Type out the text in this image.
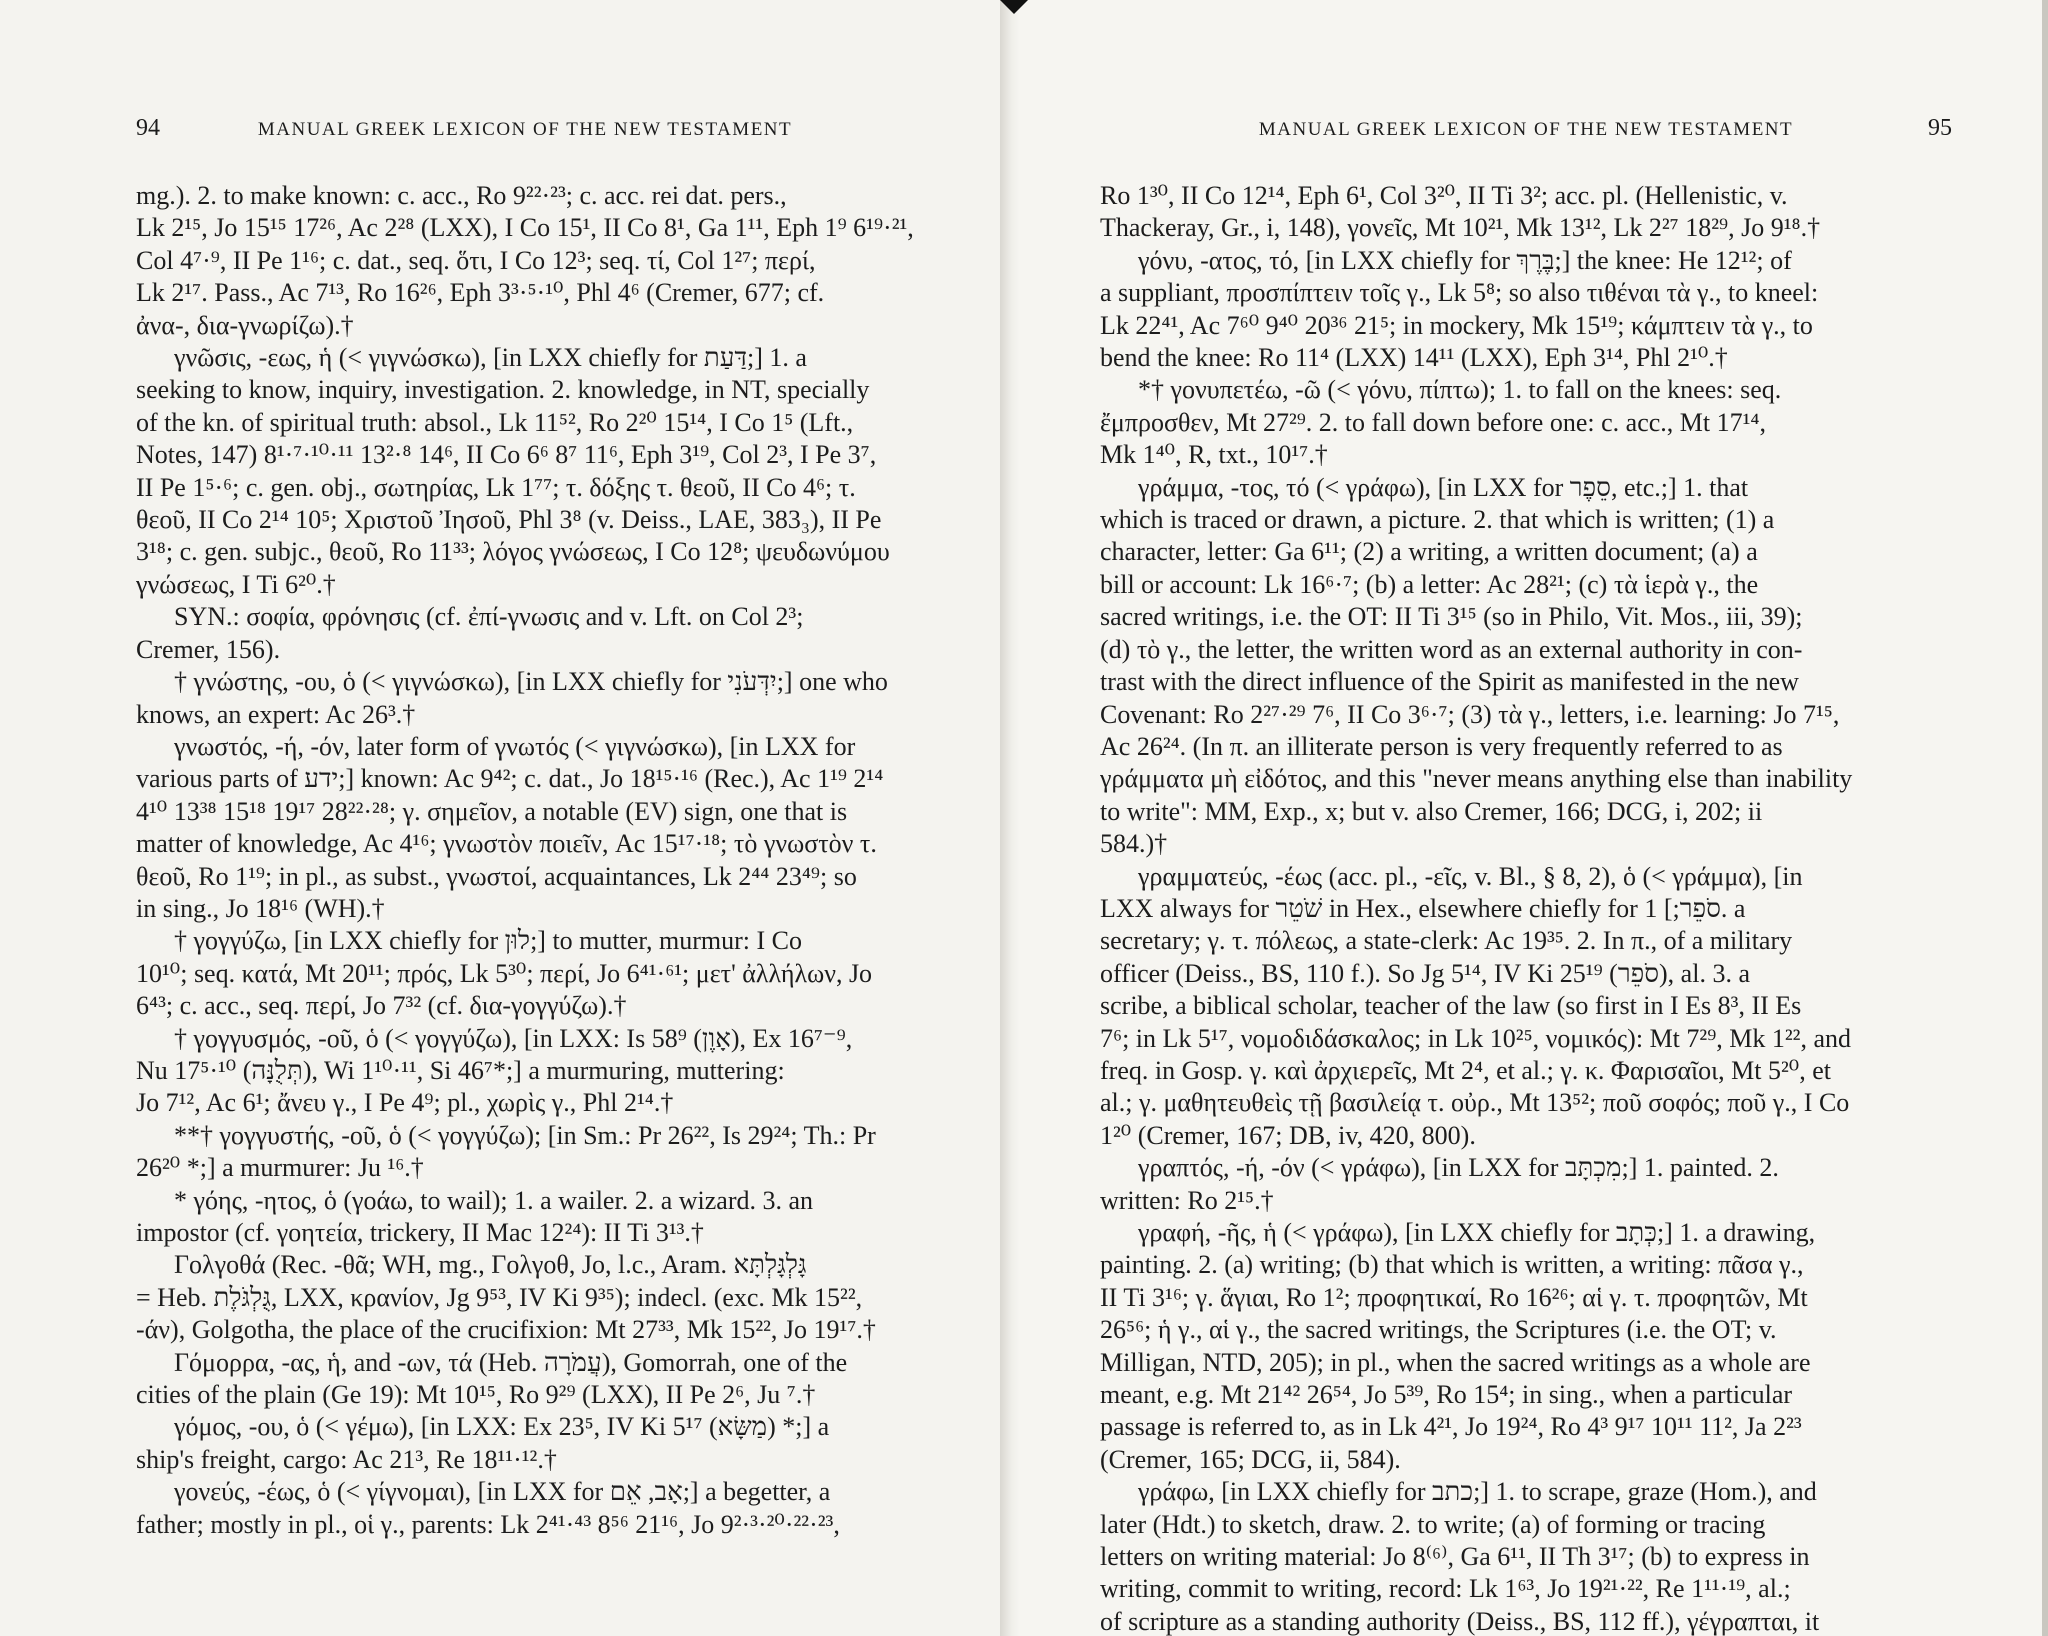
94	MANUAL GREEK LEXICON OF THE NEW TESTAMENT
mg.). 2. to make known: c. acc., Ro 9²²·²³; c. acc. rei dat. pers.,
Lk 2¹⁵, Jo 15¹⁵ 17²⁶, Ac 2²⁸ (LXX), I Co 15¹, II Co 8¹, Ga 1¹¹, Eph 1⁹ 6¹⁹·²¹,
Col 4⁷·⁹, II Pe 1¹⁶; c. dat., seq. ὅτι, I Co 12³; seq. τί, Col 1²⁷; περί,
Lk 2¹⁷. Pass., Ac 7¹³, Ro 16²⁶, Eph 3³·⁵·¹⁰, Phl 4⁶ (Cremer, 677; cf.
ἀνα-, δια-γνωρίζω).†
γνῶσις, -εως, ἡ (< γιγνώσκω), [in LXX chiefly for דַּעַת;] 1. a
seeking to know, inquiry, investigation. 2. knowledge, in NT, specially
of the kn. of spiritual truth: absol., Lk 11⁵², Ro 2²⁰ 15¹⁴, I Co 1⁵ (Lft.,
Notes, 147) 8¹·⁷·¹⁰·¹¹ 13²·⁸ 14⁶, II Co 6⁶ 8⁷ 11⁶, Eph 3¹⁹, Col 2³, I Pe 3⁷,
II Pe 1⁵·⁶; c. gen. obj., σωτηρίας, Lk 1⁷⁷; τ. δόξης τ. θεοῦ, II Co 4⁶; τ.
θεοῦ, II Co 2¹⁴ 10⁵; Χριστοῦ Ἰησοῦ, Phl 3⁸ (v. Deiss., LAE, 383₃), II Pe
3¹⁸; c. gen. subjc., θεοῦ, Ro 11³³; λόγος γνώσεως, I Co 12⁸; ψευδωνύμου
γνώσεως, I Ti 6²⁰.†
SYN.: σοφία, φρόνησις (cf. ἐπί-γνωσις and v. Lft. on Col 2³;
Cremer, 156).
† γνώστης, -ου, ὁ (< γιγνώσκω), [in LXX chiefly for יִדְּעֹנִי;] one who
knows, an expert: Ac 26³.†
γνωστός, -ή, -όν, later form of γνωτός (< γιγνώσκω), [in LXX for
various parts of ידע;] known: Ac 9⁴²; c. dat., Jo 18¹⁵·¹⁶ (Rec.), Ac 1¹⁹ 2¹⁴
4¹⁰ 13³⁸ 15¹⁸ 19¹⁷ 28²²·²⁸; γ. σημεῖον, a notable (EV) sign, one that is
matter of knowledge, Ac 4¹⁶; γνωστὸν ποιεῖν, Ac 15¹⁷·¹⁸; τὸ γνωστὸν τ.
θεοῦ, Ro 1¹⁹; in pl., as subst., γνωστοί, acquaintances, Lk 2⁴⁴ 23⁴⁹; so
in sing., Jo 18¹⁶ (WH).†
† γογγύζω, [in LXX chiefly for לוּן;] to mutter, murmur: I Co
10¹⁰; seq. κατά, Mt 20¹¹; πρός, Lk 5³⁰; περί, Jo 6⁴¹·⁶¹; μετ' ἀλλήλων, Jo
6⁴³; c. acc., seq. περί, Jo 7³² (cf. δια-γογγύζω).†
† γογγυσμός, -οῦ, ὁ (< γογγύζω), [in LXX: Is 58⁹ (אָוֶן), Ex 16⁷⁻⁹,
Nu 17⁵·¹⁰ (תְּלֻנָּה), Wi 1¹⁰·¹¹, Si 46⁷*;] a murmuring, muttering:
Jo 7¹², Ac 6¹; ἄνευ γ., I Pe 4⁹; pl., χωρὶς γ., Phl 2¹⁴.†
**† γογγυστής, -οῦ, ὁ (< γογγύζω); [in Sm.: Pr 26²², Is 29²⁴; Th.: Pr
26²⁰ *;] a murmurer: Ju ¹⁶.†
* γόης, -ητος, ὁ (γοάω, to wail); 1. a wailer. 2. a wizard. 3. an
impostor (cf. γοητεία, trickery, II Mac 12²⁴): II Ti 3¹³.†
Γολγοθά (Rec. -θᾶ; WH, mg., Γολγοθ, Jo, l.c., Aram. גָּלְגָּלְתָּא
= Heb. גֻּלְגֹּלֶת, LXX, κρανίον, Jg 9⁵³, IV Ki 9³⁵); indecl. (exc. Mk 15²²,
-άν), Golgotha, the place of the crucifixion: Mt 27³³, Mk 15²², Jo 19¹⁷.†
Γόμορρα, -ας, ἡ, and -ων, τά (Heb. עֲמֹרָה), Gomorrah, one of the
cities of the plain (Ge 19): Mt 10¹⁵, Ro 9²⁹ (LXX), II Pe 2⁶, Ju ⁷.†
γόμος, -ου, ὁ (< γέμω), [in LXX: Ex 23⁵, IV Ki 5¹⁷ (מַשָּׂא) *;] a
ship's freight, cargo: Ac 21³, Re 18¹¹·¹².†
γονεύς, -έως, ὁ (< γίγνομαι), [in LXX for אָב, אֵם;] a begetter, a
father; mostly in pl., οἱ γ., parents: Lk 2⁴¹·⁴³ 8⁵⁶ 21¹⁶, Jo 9²·³·²⁰·²²·²³,
MANUAL GREEK LEXICON OF THE NEW TESTAMENT	95
Ro 1³⁰, II Co 12¹⁴, Eph 6¹, Col 3²⁰, II Ti 3²; acc. pl. (Hellenistic, v.
Thackeray, Gr., i, 148), γονεῖς, Mt 10²¹, Mk 13¹², Lk 2²⁷ 18²⁹, Jo 9¹⁸.†
γόνυ, -ατος, τό, [in LXX chiefly for בֶּרֶךְ;] the knee: He 12¹²; of
a suppliant, προσπίπτειν τοῖς γ., Lk 5⁸; so also τιθέναι τὰ γ., to kneel:
Lk 22⁴¹, Ac 7⁶⁰ 9⁴⁰ 20³⁶ 21⁵; in mockery, Mk 15¹⁹; κάμπτειν τὰ γ., to
bend the knee: Ro 11⁴ (LXX) 14¹¹ (LXX), Eph 3¹⁴, Phl 2¹⁰.†
*† γονυπετέω, -ῶ (< γόνυ, πίπτω); 1. to fall on the knees: seq.
ἔμπροσθεν, Mt 27²⁹. 2. to fall down before one: c. acc., Mt 17¹⁴,
Mk 1⁴⁰, R, txt., 10¹⁷.†
γράμμα, -τος, τό (< γράφω), [in LXX for סֵפֶר, etc.;] 1. that
which is traced or drawn, a picture. 2. that which is written; (1) a
character, letter: Ga 6¹¹; (2) a writing, a written document; (a) a
bill or account: Lk 16⁶·⁷; (b) a letter: Ac 28²¹; (c) τὰ ἱερὰ γ., the
sacred writings, i.e. the OT: II Ti 3¹⁵ (so in Philo, Vit. Mos., iii, 39);
(d) τὸ γ., the letter, the written word as an external authority in con-
trast with the direct influence of the Spirit as manifested in the new
Covenant: Ro 2²⁷·²⁹ 7⁶, II Co 3⁶·⁷; (3) τὰ γ., letters, i.e. learning: Jo 7¹⁵,
Ac 26²⁴. (In π. an illiterate person is very frequently referred to as
γράμματα μὴ εἰδότος, and this "never means anything else than inability
to write": MM, Exp., x; but v. also Cremer, 166; DCG, i, 202; ii
584.)†
γραμματεύς, -έως (acc. pl., -εῖς, v. Bl., § 8, 2), ὁ (< γράμμα), [in
LXX always for שֹׁטֵר in Hex., elsewhere chiefly for סֹפֵר;] 1. a
secretary; γ. τ. πόλεως, a state-clerk: Ac 19³⁵. 2. In π., of a military
officer (Deiss., BS, 110 f.). So Jg 5¹⁴, IV Ki 25¹⁹ (סֹפֵר), al. 3. a
scribe, a biblical scholar, teacher of the law (so first in I Es 8³, II Es
7⁶; in Lk 5¹⁷, νομοδιδάσκαλος; in Lk 10²⁵, νομικός): Mt 7²⁹, Mk 1²², and
freq. in Gosp. γ. καὶ ἀρχιερεῖς, Mt 2⁴, et al.; γ. κ. Φαρισαῖοι, Mt 5²⁰, et
al.; γ. μαθητευθεὶς τῇ βασιλείᾳ τ. οὐρ., Mt 13⁵²; ποῦ σοφός; ποῦ γ., I Co
1²⁰ (Cremer, 167; DB, iv, 420, 800).
γραπτός, -ή, -όν (< γράφω), [in LXX for מִכְתָּב;] 1. painted. 2.
written: Ro 2¹⁵.†
γραφή, -ῆς, ἡ (< γράφω), [in LXX chiefly for כְּתָב;] 1. a drawing,
painting. 2. (a) writing; (b) that which is written, a writing: πᾶσα γ.,
II Ti 3¹⁶; γ. ἅγιαι, Ro 1²; προφητικαί, Ro 16²⁶; αἱ γ. τ. προφητῶν, Mt
26⁵⁶; ἡ γ., αἱ γ., the sacred writings, the Scriptures (i.e. the OT; v.
Milligan, NTD, 205); in pl., when the sacred writings as a whole are
meant, e.g. Mt 21⁴² 26⁵⁴, Jo 5³⁹, Ro 15⁴; in sing., when a particular
passage is referred to, as in Lk 4²¹, Jo 19²⁴, Ro 4³ 9¹⁷ 10¹¹ 11², Ja 2²³
(Cremer, 165; DCG, ii, 584).
γράφω, [in LXX chiefly for כתב;] 1. to scrape, graze (Hom.), and
later (Hdt.) to sketch, draw. 2. to write; (a) of forming or tracing
letters on writing material: Jo 8⁽⁶⁾, Ga 6¹¹, II Th 3¹⁷; (b) to express in
writing, commit to writing, record: Lk 1⁶³, Jo 19²¹·²², Re 1¹¹·¹⁹, al.;
of scripture as a standing authority (Deiss., BS, 112 ff.), γέγραπται, it
